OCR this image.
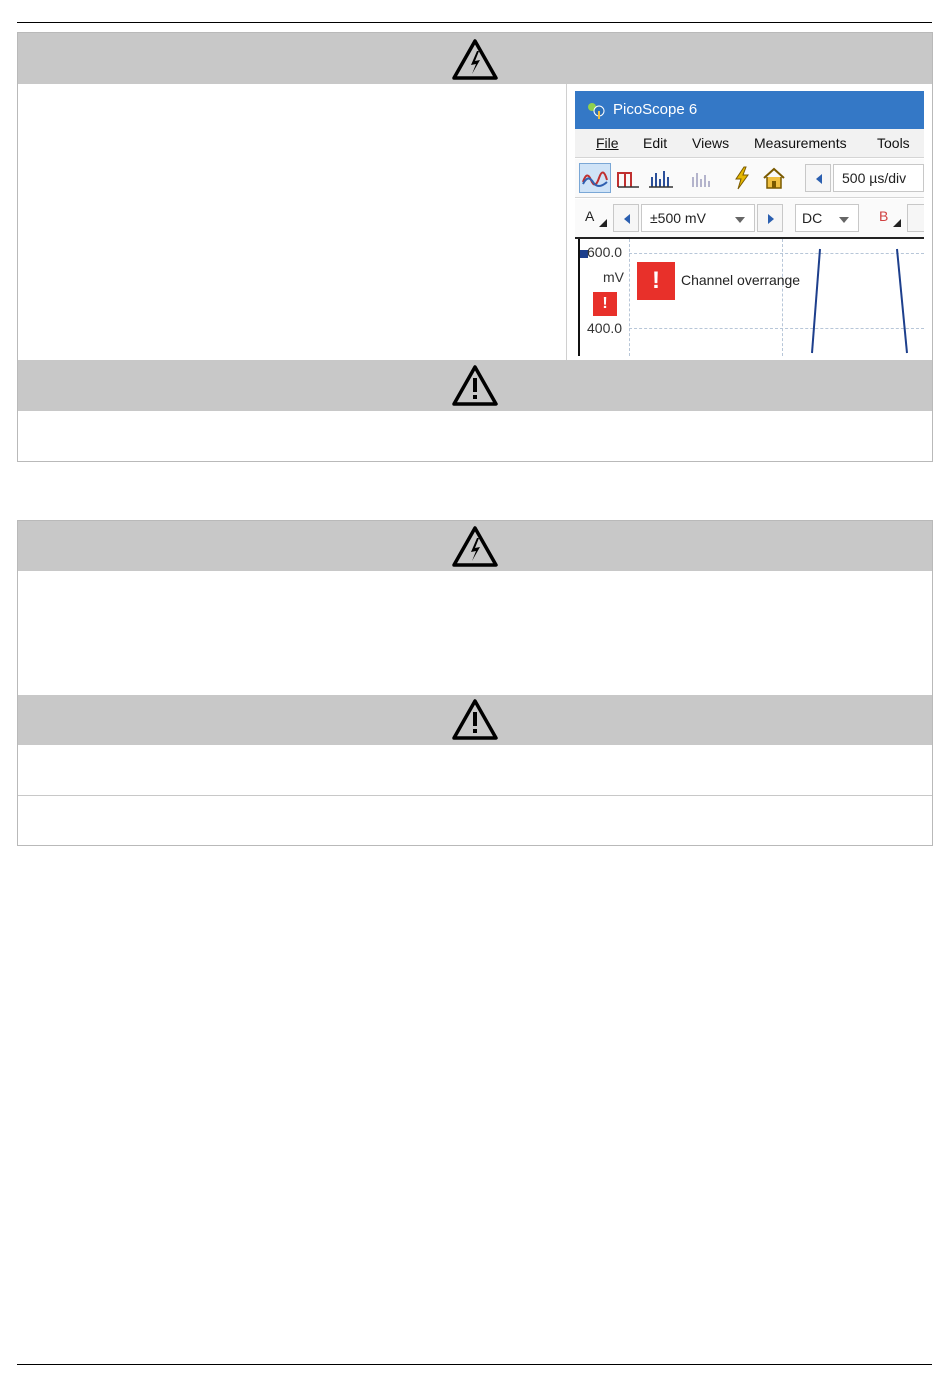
PicoScope 6
File Edit Views Measurements Tools
500 µs/div
A	±500 mV	DC	B
600.0
mV
400.0
!
!	Channel overrange
